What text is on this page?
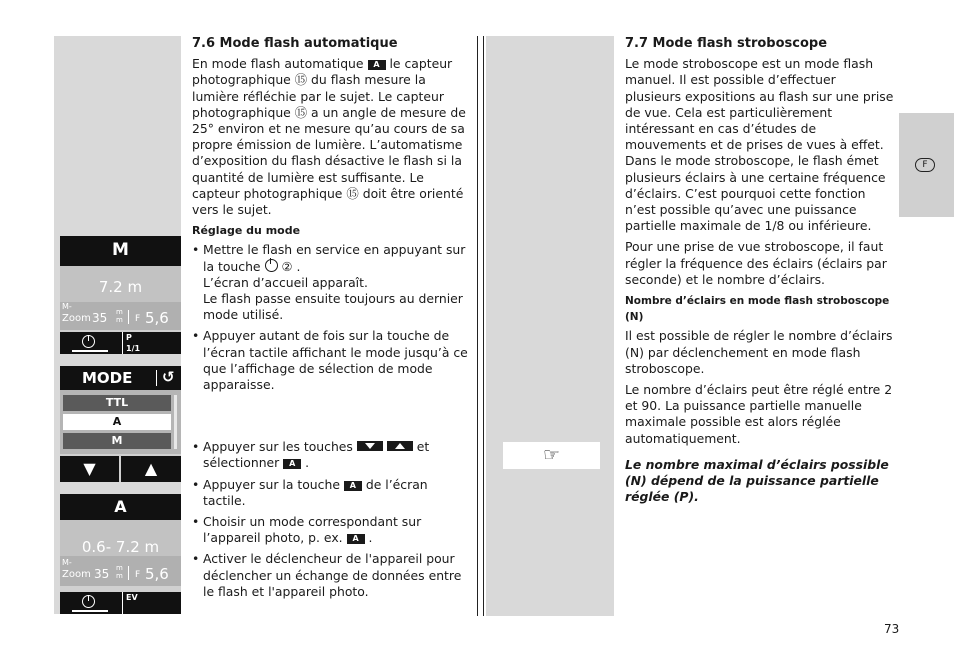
F
M
7.2 m
M-
Zoom 35 m
m F 5,6
P
1/1
MODE ↺
TTL
A
M
▼	▲
A
0.6- 7.2 m
M-
Zoom 35 m
m F 5,6
EV
7.6 Mode flash automatique

En mode flash automatique A le capteur photographique ⑮ du flash mesure la lumière réfléchie par le sujet. Le capteur photographique ⑮ a un angle de mesure de 25° environ et ne mesure qu’au cours de sa propre émission de lumière. L’automatisme d’exposition du flash désactive le flash si la quantité de lumière est suffisante. Le capteur photographique ⑮ doit être orienté vers le sujet.

Réglage du mode
• Mettre le flash en service en appuyant sur la touche ② .
L’écran d’accueil apparaît.
Le flash passe ensuite toujours au dernier mode utilisé.
• Appuyer autant de fois sur la touche de l’écran tactile affichant le mode jusqu’à ce que l’affichage de sélection de mode apparaisse.
• Appuyer sur les touches	et sélectionner A .
• Appuyer sur la touche A de l’écran tactile.
• Choisir un mode correspondant sur l’appareil photo, p. ex. A .
• Activer le déclencheur de l'appareil pour déclencher un échange de données entre le flash et l'appareil photo.
☞
7.7 Mode flash stroboscope

Le mode stroboscope est un mode flash manuel. Il est possible d’effectuer plusieurs expositions au flash sur une prise de vue. Cela est particulièrement intéressant en cas d’études de mouvements et de prises de vues à effet. Dans le mode stroboscope, le flash émet plusieurs éclairs à une certaine fréquence d’éclairs. C’est pourquoi cette fonction n’est possible qu’avec une puissance partielle maximale de 1/8 ou inférieure.

Pour une prise de vue stroboscope, il faut régler la fréquence des éclairs (éclairs par seconde) et le nombre d’éclairs.

Nombre d’éclairs en mode flash stroboscope (N)

Il est possible de régler le nombre d’éclairs (N) par déclenchement en mode flash stroboscope.

Le nombre d’éclairs peut être réglé entre 2 et 90. La puissance partielle manuelle maximale possible est alors réglée automatiquement.

Le nombre maximal d’éclairs possible (N) dépend de la puissance partielle réglée (P).

73
